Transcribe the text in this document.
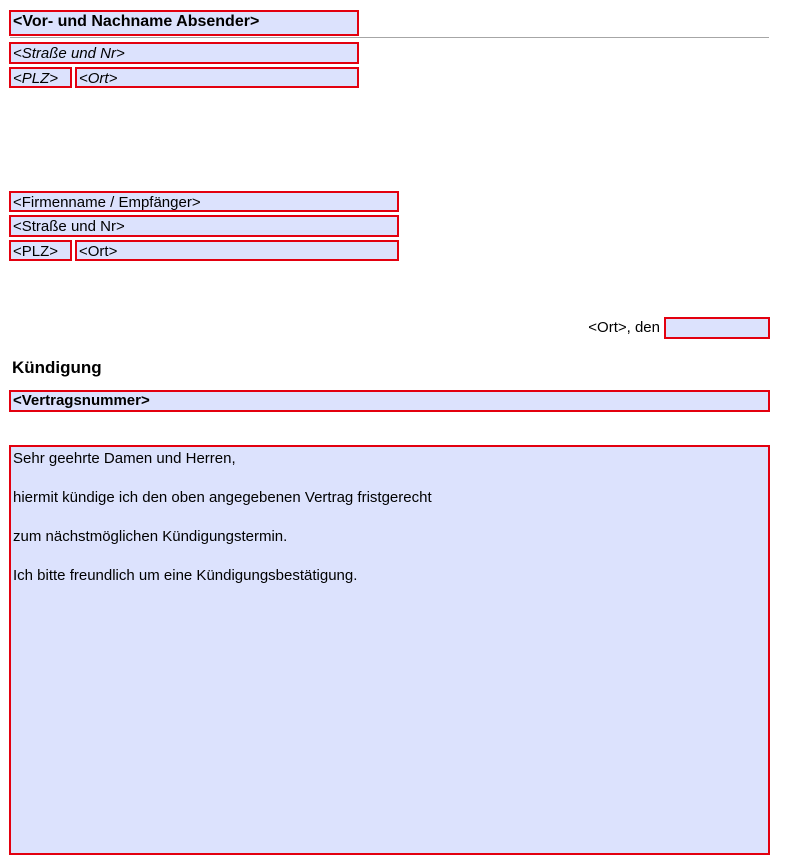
<Vor- und Nachname Absender>
<Straße und Nr>
<PLZ>	<Ort>
<Firmenname / Empfänger>
<Straße und Nr>
<PLZ>	<Ort>
<Ort>, den
Kündigung
<Vertragsnummer>

Sehr geehrte Damen und Herren,

hiermit kündige ich den oben angegebenen Vertrag fristgerecht

zum nächstmöglichen Kündigungstermin.

Ich bitte freundlich um eine Kündigungsbestätigung.
